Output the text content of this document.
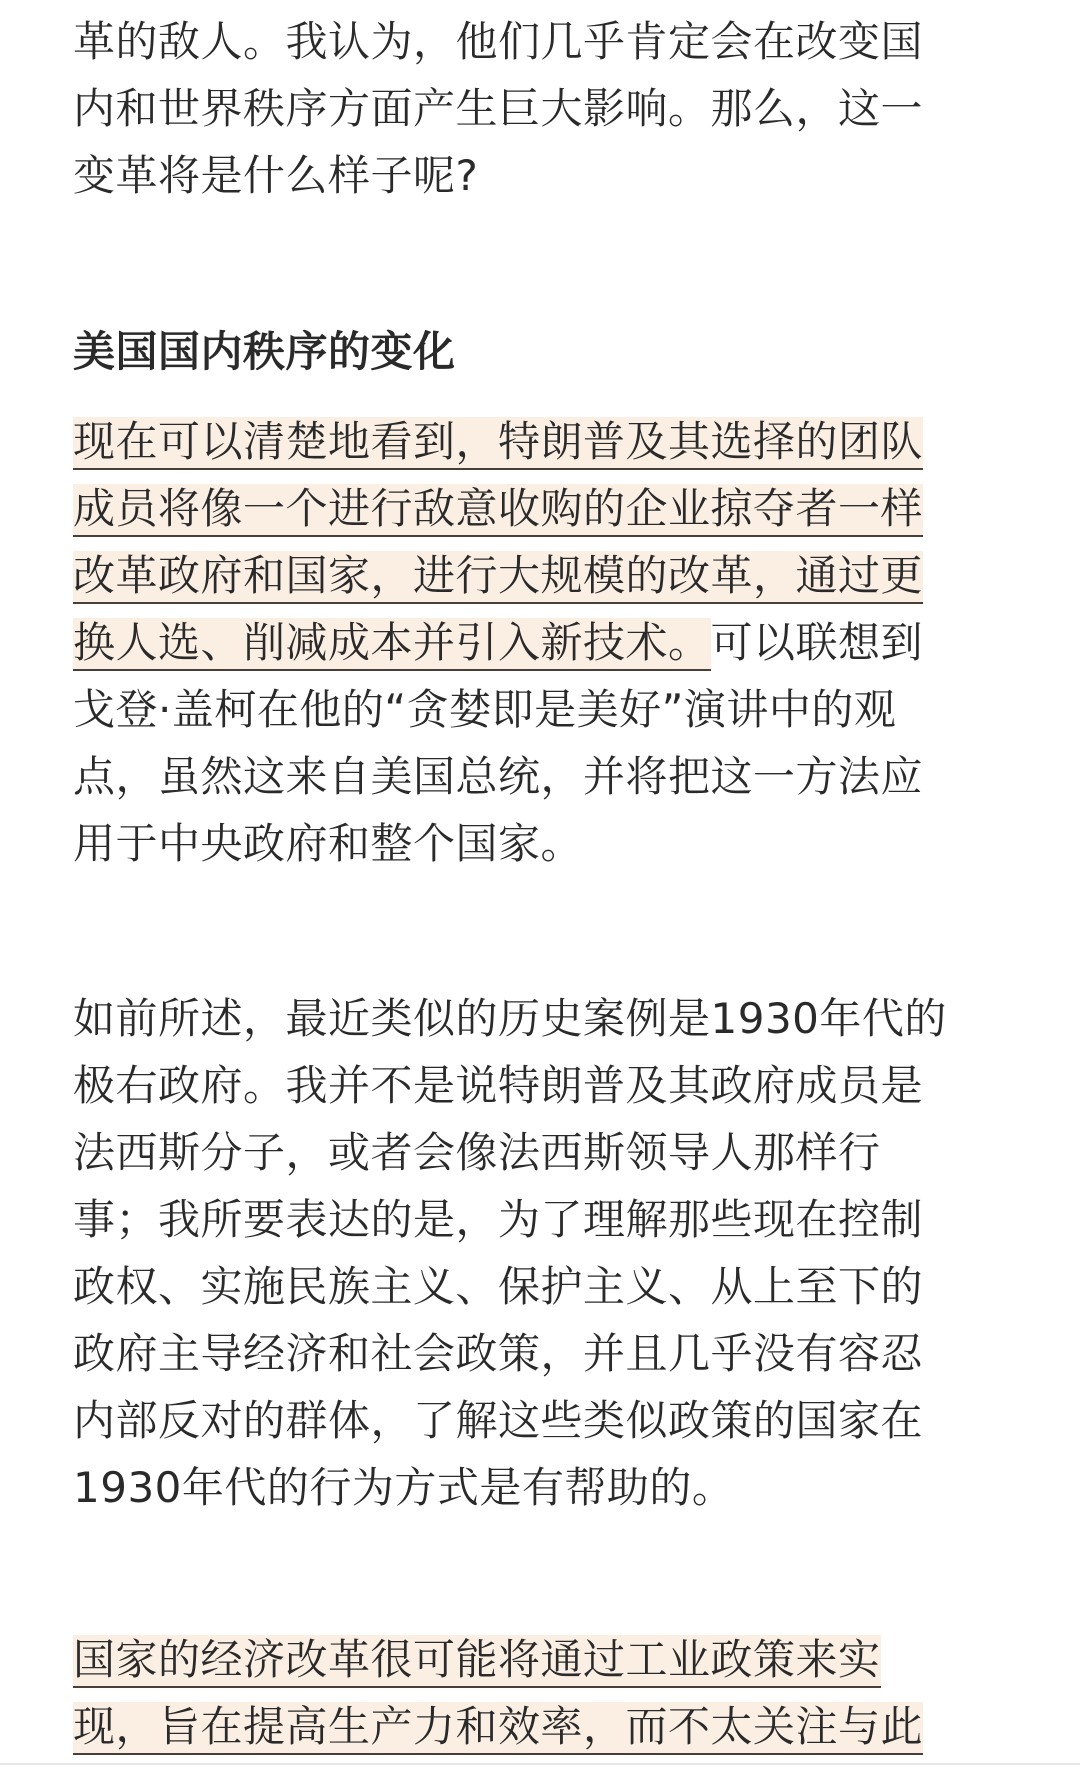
革的敌人。我认为，他们几乎肯定会在改变国
内和世界秩序方面产生巨大影响。那么，这一
变革将是什么样子呢?

美国国内秩序的变化

现在可以清楚地看到，特朗普及其选择的团队
成员将像一个进行敌意收购的企业掠夺者一样
改革政府和国家，进行大规模的改革，通过更
换人选、削减成本并引入新技术。可以联想到
戈登·盖柯在他的“贪婪即是美好”演讲中的观
点，虽然这来自美国总统，并将把这一方法应
用于中央政府和整个国家。

如前所述，最近类似的历史案例是1930年代的
极右政府。我并不是说特朗普及其政府成员是
法西斯分子，或者会像法西斯领导人那样行
事；我所要表达的是，为了理解那些现在控制
政权、实施民族主义、保护主义、从上至下的
政府主导经济和社会政策，并且几乎没有容忍
内部反对的群体，了解这些类似政策的国家在
1930年代的行为方式是有帮助的。

国家的经济改革很可能将通过工业政策来实
现，旨在提高生产力和效率，而不太关注与此
